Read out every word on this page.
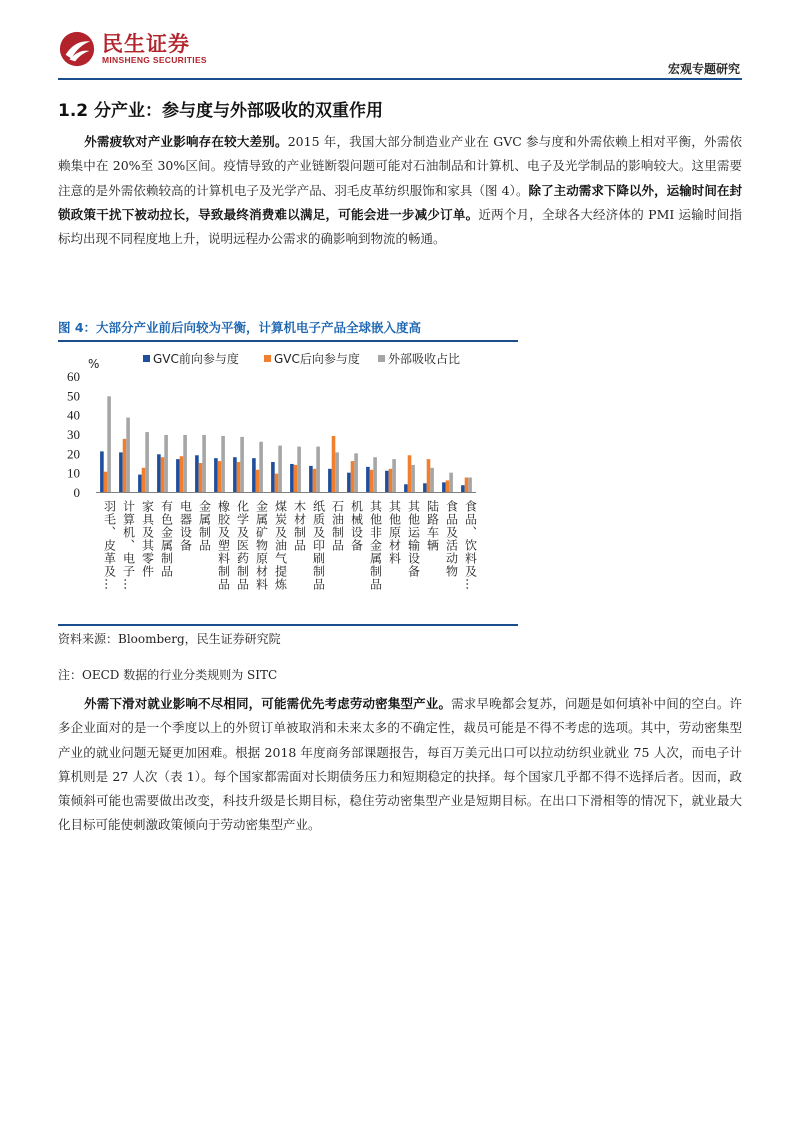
民生证券
MINSHENG SECURITIES
宏观专题研究
1.2 分产业：参与度与外部吸收的双重作用
外需疲软对产业影响存在较大差别。2015 年，我国大部分制造业产业在 GVC 参与度和外需依赖上相对平衡，外需依赖集中在 20%至 30%区间。疫情导致的产业链断裂问题可能对石油制品和计算机、电子及光学制品的影响较大。这里需要注意的是外需依赖较高的计算机电子及光学产品、羽毛皮革纺织服饰和家具（图 4）。除了主动需求下降以外，运输时间在封锁政策干扰下被动拉长，导致最终消费难以满足，可能会进一步减少订单。近两个月，全球各大经济体的 PMI 运输时间指标均出现不同程度地上升，说明远程办公需求的确影响到物流的畅通。
图 4：大部分产业前后向较为平衡，计算机电子产品全球嵌入度高
%
0
10
20
30
40
50
60
GVC前向参与度	GVC后向参与度 外部吸收占比
羽毛、皮革及… 计算机、电子… 家具及其零件 有色金属制品 电器设备 金属制品 橡胶及塑料制品 化学及医药制品 金属矿物原材料 煤炭及油气提炼 木材制品 纸质及印刷制品 石油制品 机械设备 其他非金属制品 其他原材料 其他运输设备 陆路车辆 食品及活动物 食品、饮料及…
资料来源：Bloomberg，民生证券研究院
注：OECD 数据的行业分类规则为 SITC
外需下滑对就业影响不尽相同，可能需优先考虑劳动密集型产业。需求早晚都会复苏，问题是如何填补中间的空白。许多企业面对的是一个季度以上的外贸订单被取消和未来太多的不确定性，裁员可能是不得不考虑的选项。其中，劳动密集型产业的就业问题无疑更加困难。根据 2018 年度商务部课题报告，每百万美元出口可以拉动纺织业就业 75 人次，而电子计算机则是 27 人次（表 1）。每个国家都需面对长期债务压力和短期稳定的抉择。每个国家几乎都不得不选择后者。因而，政策倾斜可能也需要做出改变，科技升级是长期目标，稳住劳动密集型产业是短期目标。在出口下滑相等的情况下，就业最大化目标可能使刺激政策倾向于劳动密集型产业。
